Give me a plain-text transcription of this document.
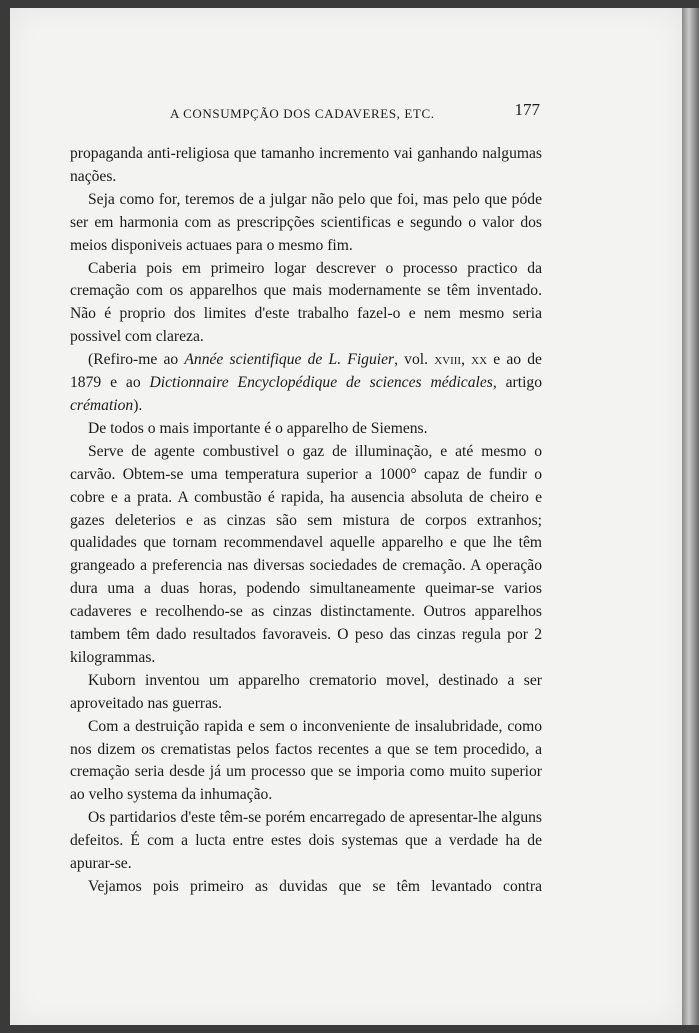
A CONSUMPÇÃO DOS CADAVERES, ETC.	177

propaganda anti-religiosa que tamanho incremento vai ganhando nalgumas nações.

Seja como for, teremos de a julgar não pelo que foi, mas pelo que póde ser em harmonia com as prescripções scientificas e segundo o valor dos meios disponiveis actuaes para o mesmo fim.

Caberia pois em primeiro logar descrever o processo practico da cremação com os apparelhos que mais modernamente se têm inventado. Não é proprio dos limites d'este trabalho fazel-o e nem mesmo seria possivel com clareza.

(Refiro-me ao Année scientifique de L. Figuier, vol. xviii, xx e ao de 1879 e ao Dictionnaire Encyclopédique de sciences médicales, artigo crémation).

De todos o mais importante é o apparelho de Siemens.

Serve de agente combustivel o gaz de illuminação, e até mesmo o carvão. Obtem-se uma temperatura superior a 1000° capaz de fundir o cobre e a prata. A combustão é rapida, ha ausencia absoluta de cheiro e gazes deleterios e as cinzas são sem mistura de corpos extranhos; qualidades que tornam recommendavel aquelle apparelho e que lhe têm grangeado a preferencia nas diversas sociedades de cremação. A operação dura uma a duas horas, podendo simultaneamente queimar-se varios cadaveres e recolhendo-se as cinzas distinctamente. Outros apparelhos tambem têm dado resultados favoraveis. O peso das cinzas regula por 2 kilogrammas.

Kuborn inventou um apparelho crematorio movel, destinado a ser aproveitado nas guerras.

Com a destruição rapida e sem o inconveniente de insalubridade, como nos dizem os crematistas pelos factos recentes a que se tem procedido, a cremação seria desde já um processo que se imporia como muito superior ao velho systema da inhumação.

Os partidarios d'este têm-se porém encarregado de apresentar-lhe alguns defeitos. É com a lucta entre estes dois systemas que a verdade ha de apurar-se.

Vejamos pois primeiro as duvidas que se têm levantado contra
